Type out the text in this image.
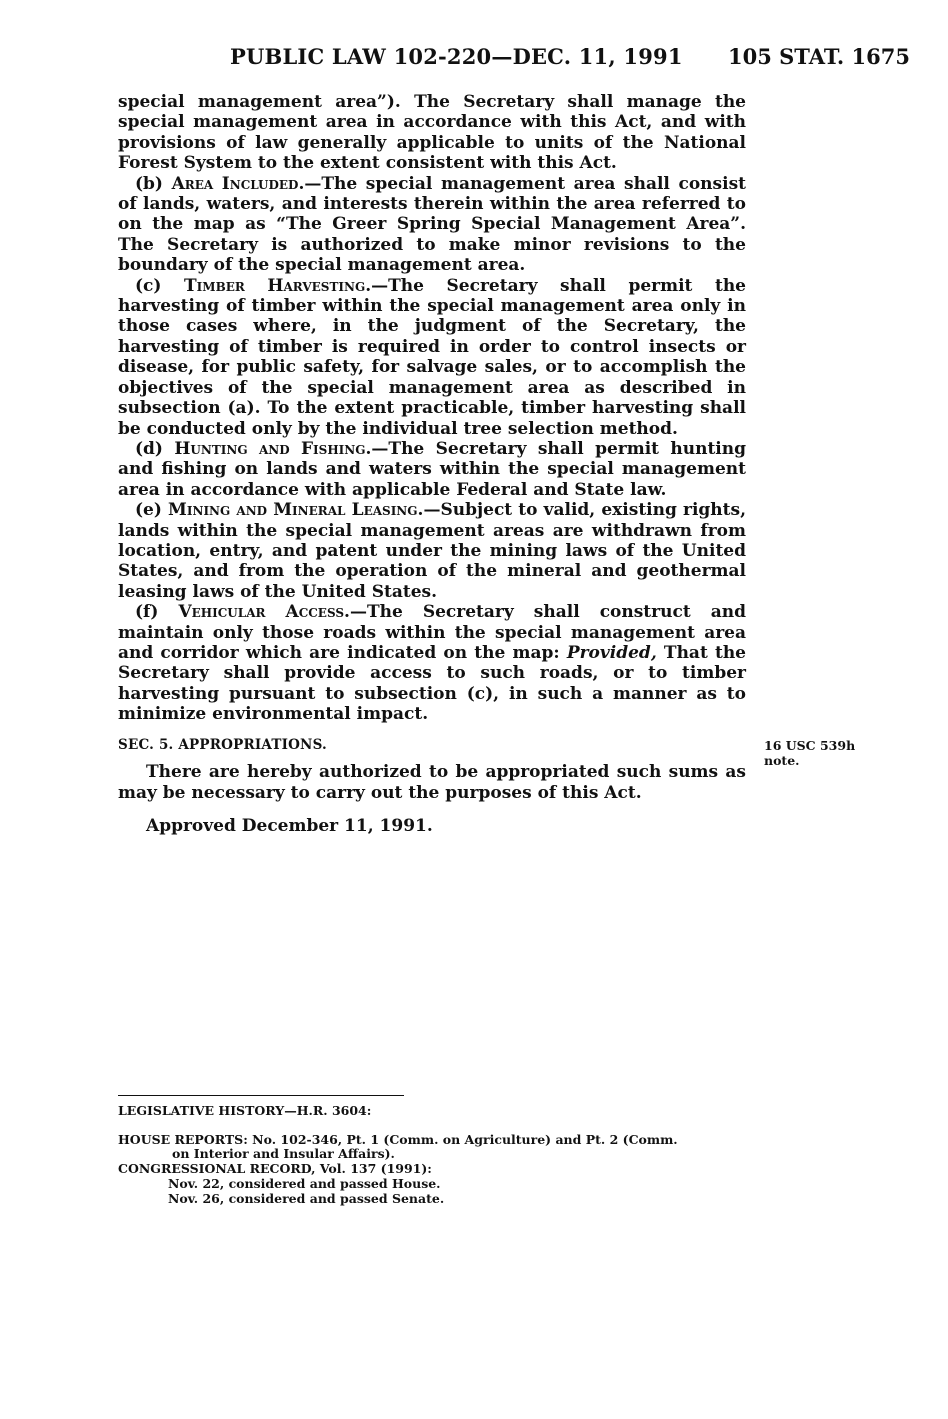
PUBLIC LAW 102-220—DEC. 11, 1991 105 STAT. 1675

special management area”). The Secretary shall manage the special management area in accordance with this Act, and with provisions of law generally applicable to units of the National Forest System to the extent consistent with this Act.

(b) Area Included.—The special management area shall consist of lands, waters, and interests therein within the area referred to on the map as “The Greer Spring Special Management Area”. The Secretary is authorized to make minor revisions to the boundary of the special management area.

(c) Timber Harvesting.—The Secretary shall permit the harvesting of timber within the special management area only in those cases where, in the judgment of the Secretary, the harvesting of timber is required in order to control insects or disease, for public safety, for salvage sales, or to accomplish the objectives of the special management area as described in subsection (a). To the extent practicable, timber harvesting shall be conducted only by the individual tree selection method.

(d) Hunting and Fishing.—The Secretary shall permit hunting and fishing on lands and waters within the special management area in accordance with applicable Federal and State law.

(e) Mining and Mineral Leasing.—Subject to valid, existing rights, lands within the special management areas are withdrawn from location, entry, and patent under the mining laws of the United States, and from the operation of the mineral and geothermal leasing laws of the United States.

(f) Vehicular Access.—The Secretary shall construct and maintain only those roads within the special management area and corridor which are indicated on the map: Provided, That the Secretary shall provide access to such roads, or to timber harvesting pursuant to subsection (c), in such a manner as to minimize environmental impact.

SEC. 5. APPROPRIATIONS.	16 USC 539h
note.

There are hereby authorized to be appropriated such sums as may be necessary to carry out the purposes of this Act.

Approved December 11, 1991.
LEGISLATIVE HISTORY—H.R. 3604:
HOUSE REPORTS: No. 102-346, Pt. 1 (Comm. on Agriculture) and Pt. 2 (Comm.
on Interior and Insular Affairs).
CONGRESSIONAL RECORD, Vol. 137 (1991):
Nov. 22, considered and passed House.
Nov. 26, considered and passed Senate.
